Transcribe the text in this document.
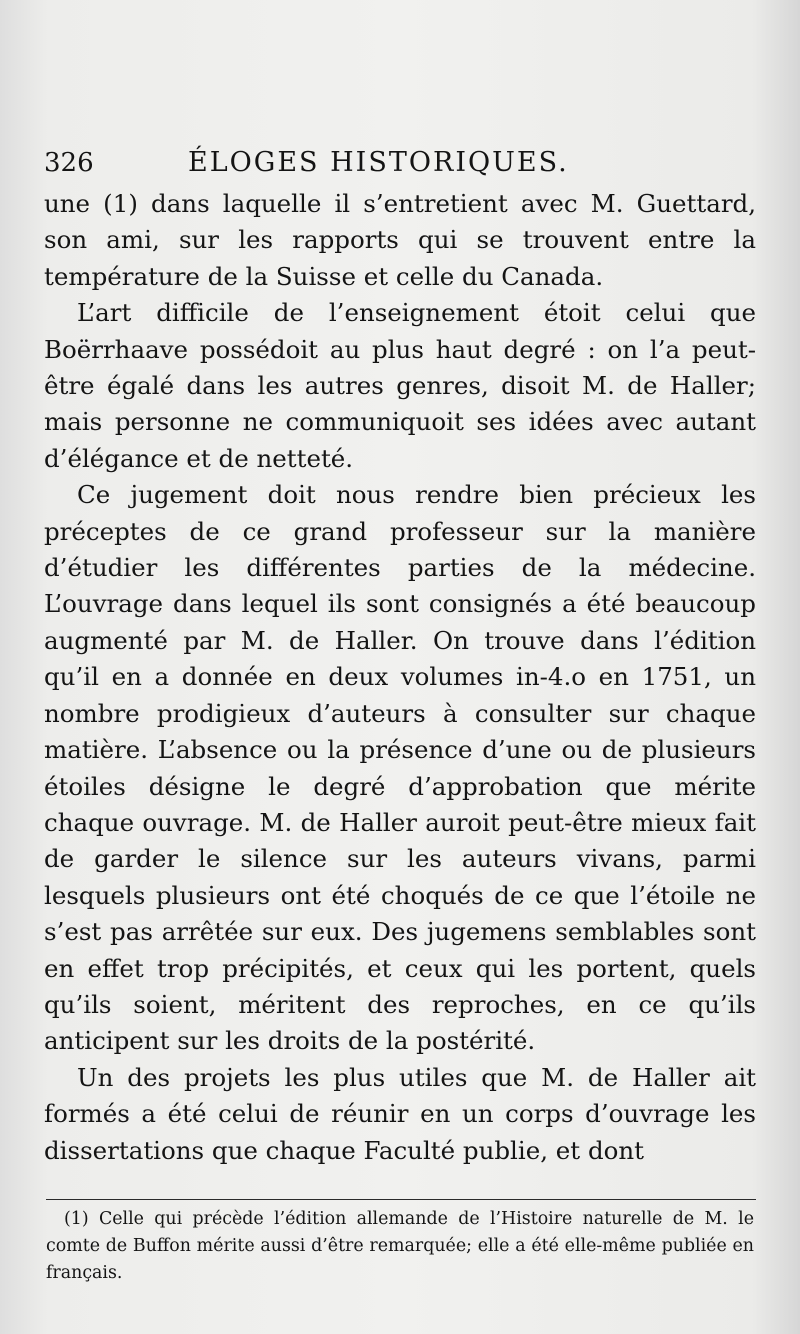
326	ÉLOGES HISTORIQUES.

une (1) dans laquelle il s’entretient avec M. Guettard, son ami, sur les rapports qui se trouvent entre la température de la Suisse et celle du Canada.

L’art difficile de l’enseignement étoit celui que Boërrhaave possédoit au plus haut degré : on l’a peut-être égalé dans les autres genres, disoit M. de Haller; mais personne ne communiquoit ses idées avec autant d’élégance et de netteté.

Ce jugement doit nous rendre bien précieux les préceptes de ce grand professeur sur la manière d’étudier les différentes parties de la médecine. L’ouvrage dans lequel ils sont consignés a été beaucoup augmenté par M. de Haller. On trouve dans l’édition qu’il en a donnée en deux volumes in-4.o en 1751, un nombre prodigieux d’auteurs à consulter sur chaque matière. L’absence ou la présence d’une ou de plusieurs étoiles désigne le degré d’approbation que mérite chaque ouvrage. M. de Haller auroit peut-être mieux fait de garder le silence sur les auteurs vivans, parmi lesquels plusieurs ont été choqués de ce que l’étoile ne s’est pas arrêtée sur eux. Des jugemens semblables sont en effet trop précipités, et ceux qui les portent, quels qu’ils soient, méritent des reproches, en ce qu’ils anticipent sur les droits de la postérité.

Un des projets les plus utiles que M. de Haller ait formés a été celui de réunir en un corps d’ouvrage les dissertations que chaque Faculté publie, et dont

(1) Celle qui précède l’édition allemande de l’Histoire naturelle de M. le comte de Buffon mérite aussi d’être remarquée; elle a été elle-même publiée en français.
